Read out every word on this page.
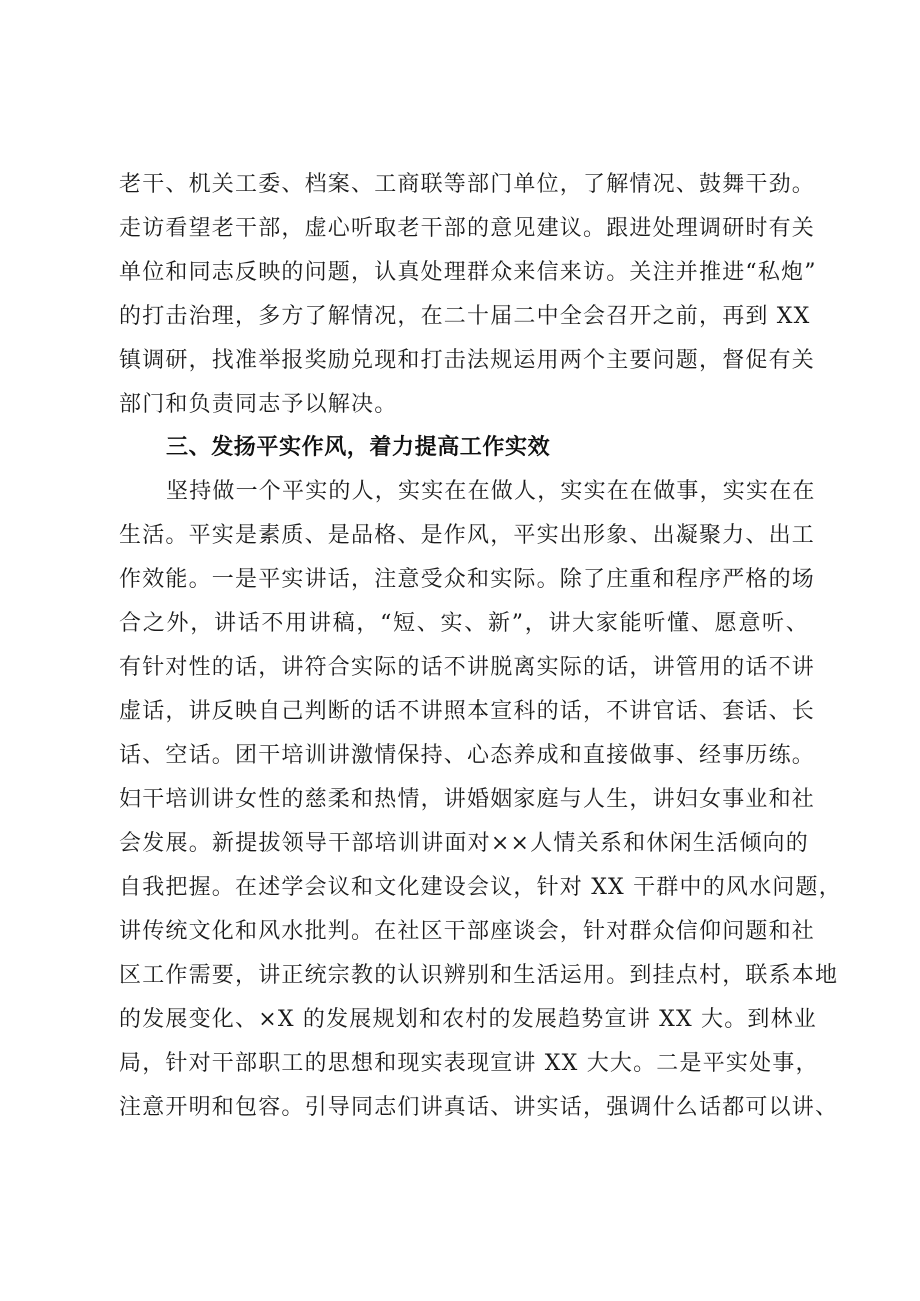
老干、机关工委、档案、工商联等部门单位，了解情况、鼓舞干劲。
走访看望老干部，虚心听取老干部的意见建议。跟进处理调研时有关
单位和同志反映的问题，认真处理群众来信来访。关注并推进“私炮”
的打击治理，多方了解情况，在二十届二中全会召开之前，再到 XX
镇调研，找准举报奖励兑现和打击法规运用两个主要问题，督促有关
部门和负责同志予以解决。
三、发扬平实作风，着力提高工作实效
坚持做一个平实的人，实实在在做人，实实在在做事，实实在在
生活。平实是素质、是品格、是作风，平实出形象、出凝聚力、出工
作效能。一是平实讲话，注意受众和实际。除了庄重和程序严格的场
合之外，讲话不用讲稿，“短、实、新”，讲大家能听懂、愿意听、
有针对性的话，讲符合实际的话不讲脱离实际的话，讲管用的话不讲
虚话，讲反映自己判断的话不讲照本宣科的话，不讲官话、套话、长
话、空话。团干培训讲激情保持、心态养成和直接做事、经事历练。
妇干培训讲女性的慈柔和热情，讲婚姻家庭与人生，讲妇女事业和社
会发展。新提拔领导干部培训讲面对××人情关系和休闲生活倾向的
自我把握。在述学会议和文化建设会议，针对 XX 干群中的风水问题，
讲传统文化和风水批判。在社区干部座谈会，针对群众信仰问题和社
区工作需要，讲正统宗教的认识辨别和生活运用。到挂点村，联系本地
的发展变化、×X 的发展规划和农村的发展趋势宣讲 XX 大。到林业
局，针对干部职工的思想和现实表现宣讲 XX 大大。二是平实处事，
注意开明和包容。引导同志们讲真话、讲实话，强调什么话都可以讲、
